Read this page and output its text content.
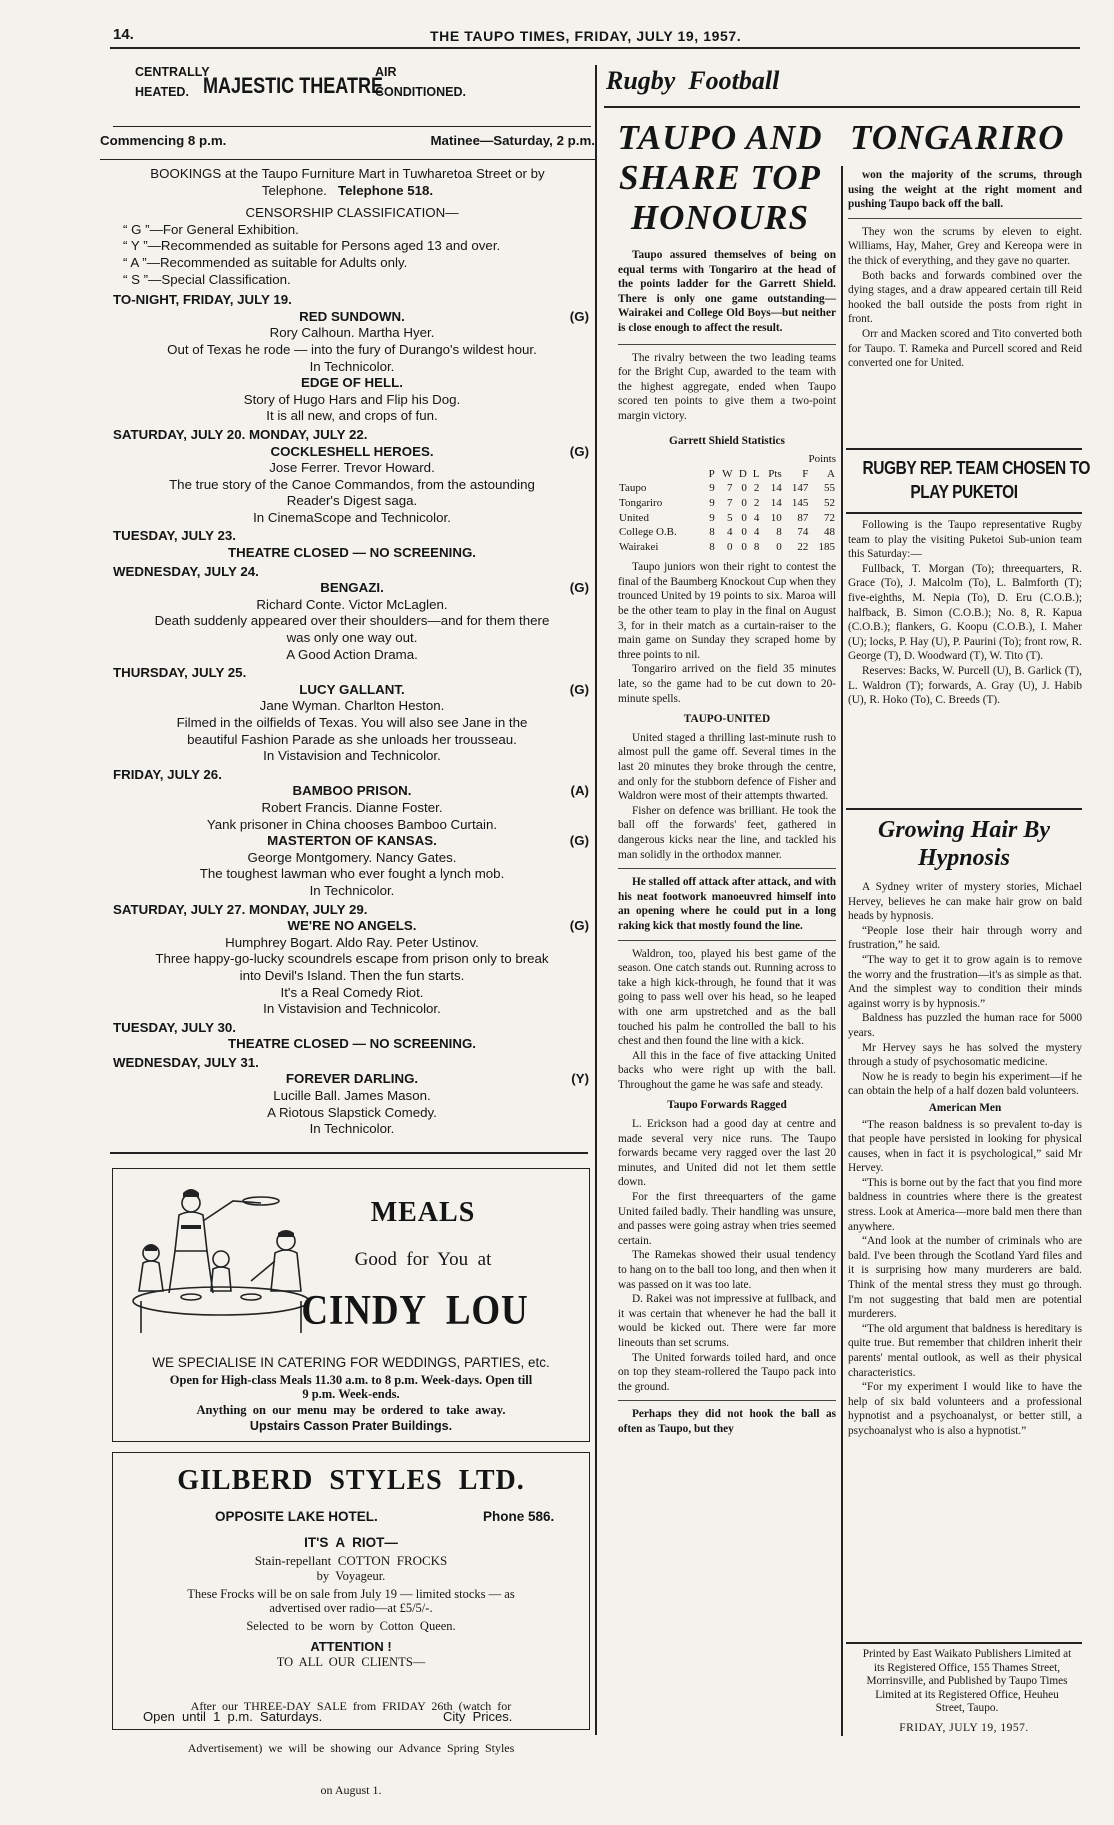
14.	THE TAUPO TIMES, FRIDAY, JULY 19, 1957.
CENTRALLY
HEATED. MAJESTIC THEATRE
AIR
CONDITIONED.
Commencing 8 p.m.	Matinee—Saturday, 2 p.m.
BOOKINGS at the Taupo Furniture Mart in Tuwharetoa Street or by
Telephone. Telephone 518.
CENSORSHIP CLASSIFICATION—
“ G ”—For General Exhibition.
“ Y ”—Recommended as suitable for Persons aged 13 and over.
“ A ”—Recommended as suitable for Adults only.
“ S ”—Special Classification.
TO-NIGHT, FRIDAY, JULY 19.
RED SUNDOWN.	(G)
Rory Calhoun. Martha Hyer.
Out of Texas he rode — into the fury of Durango's wildest hour.
In Technicolor.
EDGE OF HELL.
Story of Hugo Hars and Flip his Dog.
It is all new, and crops of fun.
SATURDAY, JULY 20. MONDAY, JULY 22.
COCKLESHELL HEROES.	(G)
Jose Ferrer. Trevor Howard.
The true story of the Canoe Commandos, from the astounding
Reader's Digest saga.
In CinemaScope and Technicolor.
TUESDAY, JULY 23.
THEATRE CLOSED — NO SCREENING.
WEDNESDAY, JULY 24.
BENGAZI.	(G)
Richard Conte. Victor McLaglen.
Death suddenly appeared over their shoulders—and for them there
was only one way out.
A Good Action Drama.
THURSDAY, JULY 25.
LUCY GALLANT.	(G)
Jane Wyman. Charlton Heston.
Filmed in the oilfields of Texas. You will also see Jane in the
beautiful Fashion Parade as she unloads her trousseau.
In Vistavision and Technicolor.
FRIDAY, JULY 26.
BAMBOO PRISON.	(A)
Robert Francis. Dianne Foster.
Yank prisoner in China chooses Bamboo Curtain.
MASTERTON OF KANSAS.	(G)
George Montgomery. Nancy Gates.
The toughest lawman who ever fought a lynch mob.
In Technicolor.
SATURDAY, JULY 27. MONDAY, JULY 29.
WE'RE NO ANGELS.	(G)
Humphrey Bogart. Aldo Ray. Peter Ustinov.
Three happy-go-lucky scoundrels escape from prison only to break
into Devil's Island. Then the fun starts.
It's a Real Comedy Riot.
In Vistavision and Technicolor.
TUESDAY, JULY 30.
THEATRE CLOSED — NO SCREENING.
WEDNESDAY, JULY 31.
FOREVER DARLING.	(Y)
Lucille Ball. James Mason.
A Riotous Slapstick Comedy.
In Technicolor.
MEALS
Good  for  You  at
CINDY  LOU
WE SPECIALISE IN CATERING FOR WEDDINGS, PARTIES, etc.
Open for High-class Meals 11.30 a.m. to 8 p.m. Week-days. Open till
9 p.m. Week-ends.
Anything  on  our  menu  may  be  ordered  to  take  away.
Upstairs Casson Prater Buildings.
GILBERD  STYLES  LTD.
OPPOSITE LAKE HOTEL.	Phone 586.
IT'S  A  RIOT—
Stain-repellant  COTTON  FROCKS
by  Voyageur.
These Frocks will be on sale from July 19 — limited stocks — as
advertised over radio—at £5/5/-.
Selected  to  be  worn  by  Cotton  Queen.
ATTENTION !
TO  ALL  OUR  CLIENTS—

After  our  THREE-DAY  SALE  from  FRIDAY  26th  (watch  for

Advertisement)  we  will  be  showing  our  Advance  Spring  Styles

on August 1.

Open  until  1  p.m.  Saturdays.	City  Prices.
Rugby  Football
TAUPO AND
SHARE TOP
HONOURS
TONGARIRO

Taupo assured themselves of being on equal terms with Tongariro at the head of the points ladder for the Garrett Shield. There is only one game outstanding—Wairakei and College Old Boys—but neither is close enough to affect the result.

The rivalry between the two leading teams for the Bright Cup, awarded to the team with the highest aggregate, ended when Taupo scored ten points to give them a two-point margin victory.

Garrett Shield Statistics
Points
	P	W	D	L	Pts	F	A
Taupo	9	7	0	2	14	147	55
Tongariro	9	7	0	2	14	145	52
United	9	5	0	4	10	87	72
College O.B.	8	4	0	4	8	74	48
Wairakei	8	0	0	8	0	22	185

Taupo juniors won their right to contest the final of the Baumberg Knockout Cup when they trounced United by 19 points to six. Maroa will be the other team to play in the final on August 3, for in their match as a curtain-raiser to the main game on Sunday they scraped home by three points to nil.

Tongariro arrived on the field 35 minutes late, so the game had to be cut down to 20-minute spells.

TAUPO-UNITED

United staged a thrilling last-minute rush to almost pull the game off. Several times in the last 20 minutes they broke through the centre, and only for the stubborn defence of Fisher and Waldron were most of their attempts thwarted.

Fisher on defence was brilliant. He took the ball off the forwards' feet, gathered in dangerous kicks near the line, and tackled his man solidly in the orthodox manner.

He stalled off attack after attack, and with his neat footwork manoeuvred himself into an opening where he could put in a long raking kick that mostly found the line.

Waldron, too, played his best game of the season. One catch stands out. Running across to take a high kick-through, he found that it was going to pass well over his head, so he leaped with one arm upstretched and as the ball touched his palm he controlled the ball to his chest and then found the line with a kick.

All this in the face of five attacking United backs who were right up with the ball. Throughout the game he was safe and steady.

Taupo Forwards Ragged

L. Erickson had a good day at centre and made several very nice runs. The Taupo forwards became very ragged over the last 20 minutes, and United did not let them settle down.

For the first threequarters of the game United failed badly. Their handling was unsure, and passes were going astray when tries seemed certain.

The Ramekas showed their usual tendency to hang on to the ball too long, and then when it was passed on it was too late.

D. Rakei was not impressive at fullback, and it was certain that whenever he had the ball it would be kicked out. There were far more lineouts than set scrums.

The United forwards toiled hard, and once on top they steam-rollered the Taupo pack into the ground.

Perhaps they did not hook the ball as often as Taupo, but they

won the majority of the scrums, through using the weight at the right moment and pushing Taupo back off the ball.

They won the scrums by eleven to eight. Williams, Hay, Maher, Grey and Kereopa were in the thick of everything, and they gave no quarter.

Both backs and forwards combined over the dying stages, and a draw appeared certain till Reid hooked the ball outside the posts from right in front.

Orr and Macken scored and Tito converted both for Taupo. T. Rameka and Purcell scored and Reid converted one for United.

RUGBY REP. TEAM CHOSEN TO
PLAY PUKETOI

Following is the Taupo representative Rugby team to play the visiting Puketoi Sub-union team this Saturday:—

Fullback, T. Morgan (To); threequarters, R. Grace (To), J. Malcolm (To), L. Balmforth (T); five-eighths, M. Nepia (To), D. Eru (C.O.B.); halfback, B. Simon (C.O.B.); No. 8, R. Kapua (C.O.B.); flankers, G. Koopu (C.O.B.), I. Maher (U); locks, P. Hay (U), P. Paurini (To); front row, R. George (T), D. Woodward (T), W. Tito (T).

Reserves: Backs, W. Purcell (U), B. Garlick (T), L. Waldron (T); forwards, A. Gray (U), J. Habib (U), R. Hoko (To), C. Breeds (T).

Growing Hair By
Hypnosis

A Sydney writer of mystery stories, Michael Hervey, believes he can make hair grow on bald heads by hypnosis.

“People lose their hair through worry and frustration,” he said.

“The way to get it to grow again is to remove the worry and the frustration—it's as simple as that. And the simplest way to condition their minds against worry is by hypnosis.”

Baldness has puzzled the human race for 5000 years.

Mr Hervey says he has solved the mystery through a study of psychosomatic medicine.

Now he is ready to begin his experiment—if he can obtain the help of a half dozen bald volunteers.

American Men

“The reason baldness is so prevalent to-day is that people have persisted in looking for physical causes, when in fact it is psychological,” said Mr Hervey.

“This is borne out by the fact that you find more baldness in countries where there is the greatest stress. Look at America—more bald men there than anywhere.

“And look at the number of criminals who are bald. I've been through the Scotland Yard files and it is surprising how many murderers are bald. Think of the mental stress they must go through. I'm not suggesting that bald men are potential murderers.

“The old argument that baldness is hereditary is quite true. But remember that children inherit their parents' mental outlook, as well as their physical characteristics.

“For my experiment I would like to have the help of six bald volunteers and a professional hypnotist and a psychoanalyst, or better still, a psychoanalyst who is also a hypnotist.”

Printed by East Waikato Publishers Limited at its Registered Office, 155 Thames Street, Morrinsville, and Published by Taupo Times Limited at its Registered Office, Heuheu Street, Taupo.
FRIDAY, JULY 19, 1957.
